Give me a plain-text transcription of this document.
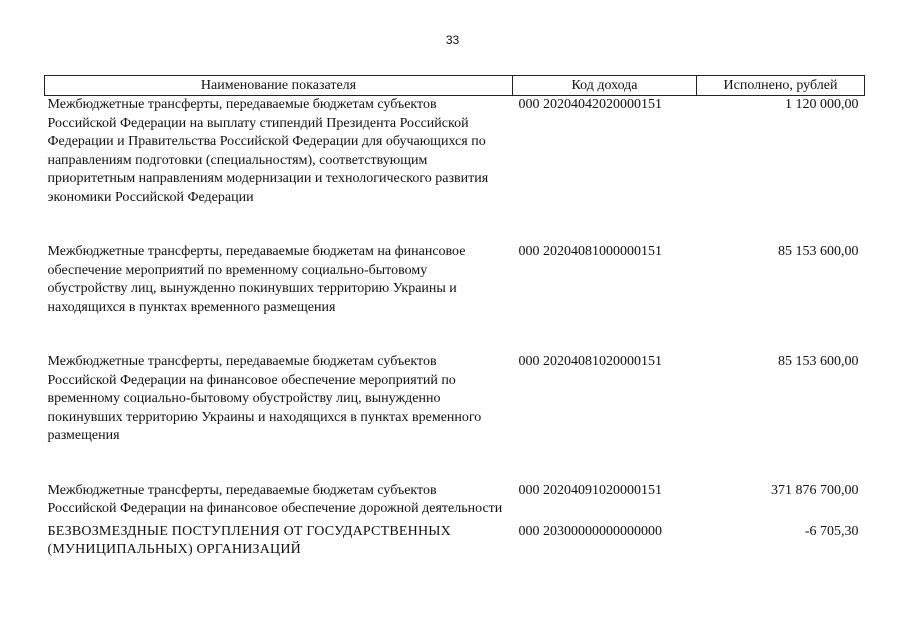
33
Наименование показателя	Код дохода	Исполнено, рублей
Межбюджетные трансферты, передаваемые бюджетам субъектов Российской Федерации на выплату стипендий Президента Российской Федерации и Правительства Российской Федерации для обучающихся по направлениям подготовки (специальностям), соответствующим приоритетным направлениям модернизации и технологического развития экономики Российской Федерации	000 20204042020000151	1 120 000,00
Межбюджетные трансферты, передаваемые бюджетам на финансовое обеспечение мероприятий по временному социально-бытовому обустройству лиц, вынужденно покинувших территорию Украины и находящихся в пунктах временного размещения	000 20204081000000151	85 153 600,00
Межбюджетные трансферты, передаваемые бюджетам субъектов Российской Федерации на финансовое обеспечение мероприятий по временному социально-бытовому обустройству лиц, вынужденно покинувших территорию Украины и находящихся в пунктах временного размещения	000 20204081020000151	85 153 600,00
Межбюджетные трансферты, передаваемые бюджетам субъектов Российской Федерации на финансовое обеспечение дорожной деятельности	000 20204091020000151	371 876 700,00
БЕЗВОЗМЕЗДНЫЕ ПОСТУПЛЕНИЯ ОТ ГОСУДАРСТВЕННЫХ (МУНИЦИПАЛЬНЫХ) ОРГАНИЗАЦИЙ	000 20300000000000000	-6 705,30
